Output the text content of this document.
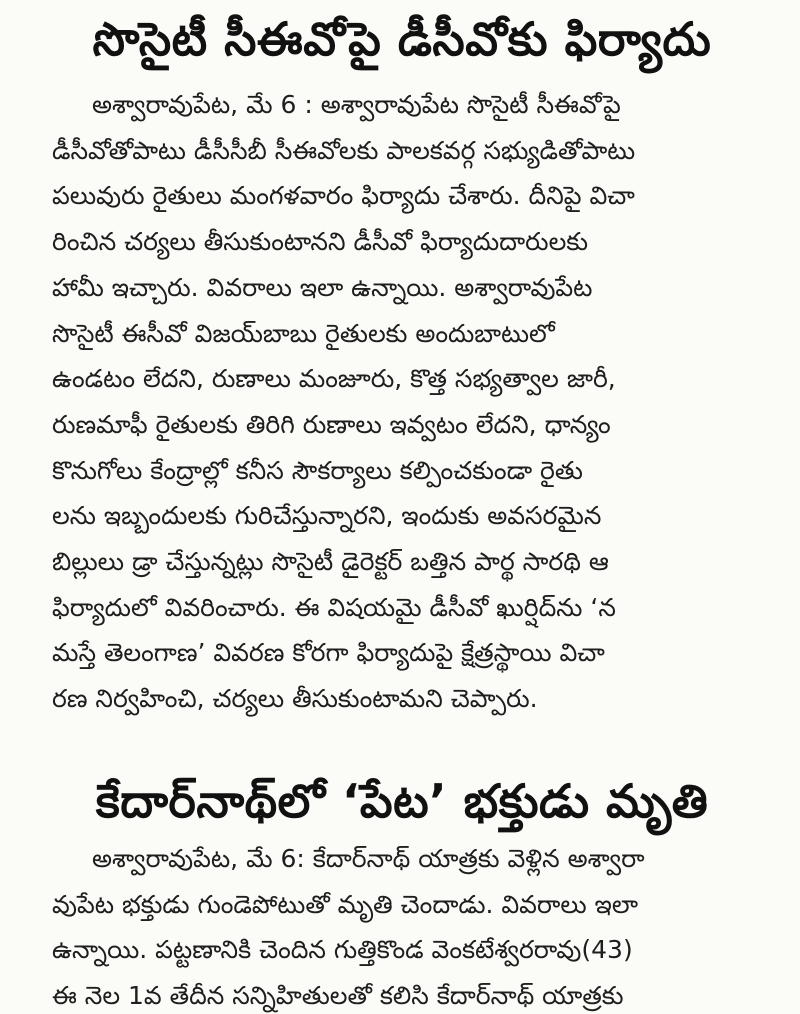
సొసైటీ సీఈవోపై డీసీవోకు ఫిర్యాదు

అశ్వారావుపేట, మే 6 : అశ్వారావుపేట సొసైటీ సీఈవోపై
డీసీవోతోపాటు డీసీసీబీ సీఈవోలకు పాలకవర్గ సభ్యుడితోపాటు
పలువురు రైతులు మంగళవారం ఫిర్యాదు చేశారు. దీనిపై విచా
రించిన చర్యలు తీసుకుంటానని డీసీవో ఫిర్యాదుదారులకు
హామీ ఇచ్చారు. వివరాలు ఇలా ఉన్నాయి. అశ్వారావుపేట
సొసైటీ ఈసీవో విజయ్‌బాబు రైతులకు అందుబాటులో
ఉండటం లేదని, రుణాలు మంజూరు, కొత్త సభ్యత్వాల జారీ,
రుణమాఫీ రైతులకు తిరిగి రుణాలు ఇవ్వటం లేదని, ధాన్యం
కొనుగోలు కేంద్రాల్లో కనీస సౌకర్యాలు కల్పించకుండా రైతు
లను ఇబ్బందులకు గురిచేస్తున్నారని, ఇందుకు అవసరమైన
బిల్లులు డ్రా చేస్తున్నట్లు సొసైటీ డైరెక్టర్ బత్తిన పార్థ సారథి ఆ
ఫిర్యాదులో వివరించారు. ఈ విషయమై డీసీవో ఖుర్షిద్‌ను ‘న
మస్తే తెలంగాణ’ వివరణ కోరగా ఫిర్యాదుపై క్షేత్రస్థాయి విచా
రణ నిర్వహించి, చర్యలు తీసుకుంటామని చెప్పారు.

కేదార్‌నాథ్‌లో ‘పేట’ భక్తుడు మృతి

అశ్వారావుపేట, మే 6: కేదార్‌నాథ్ యాత్రకు వెళ్లిన అశ్వారా
వుపేట భక్తుడు గుండెపోటుతో మృతి చెందాడు. వివరాలు ఇలా
ఉన్నాయి. పట్టణానికి చెందిన గుత్తికొండ వెంకటేశ్వరరావు(43)
ఈ నెల 1వ తేదీన సన్నిహితులతో కలిసి కేదార్‌నాథ్ యాత్రకు
